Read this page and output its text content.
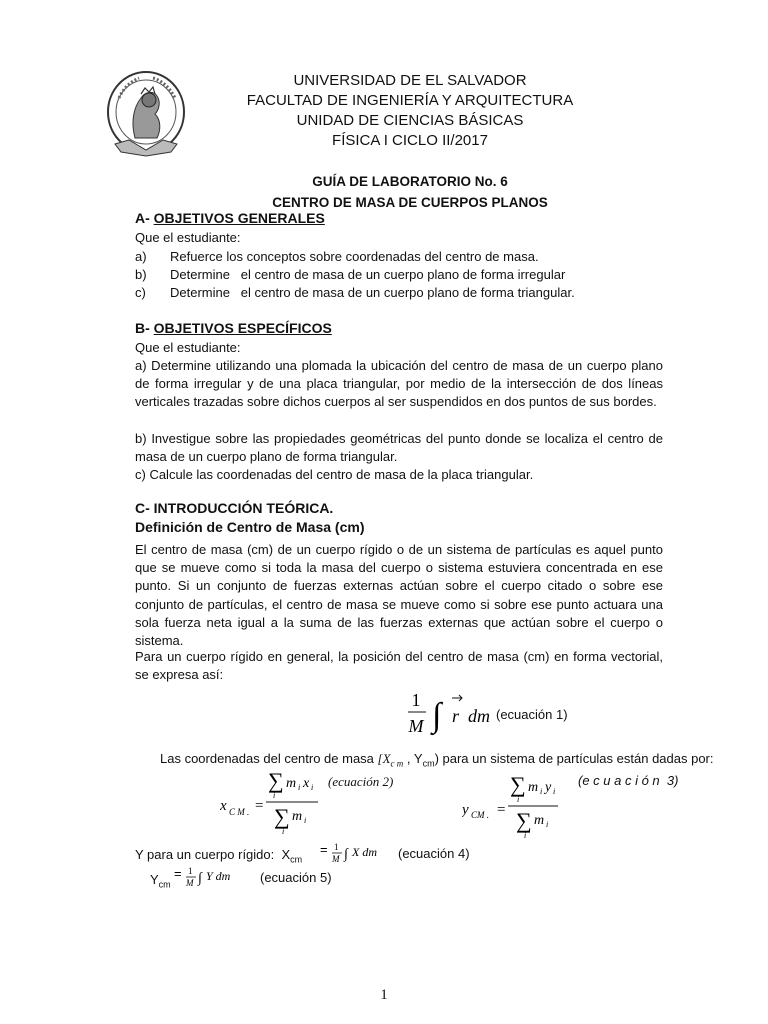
UNIVERSIDAD DE EL SALVADOR
FACULTAD DE INGENIERÍA Y ARQUITECTURA
UNIDAD DE CIENCIAS BÁSICAS
FÍSICA I CICLO II/2017
GUÍA DE LABORATORIO No. 6
CENTRO DE MASA DE CUERPOS PLANOS
A- OBJETIVOS GENERALES
Que el estudiante:
a) Refuerce los conceptos sobre coordenadas del centro de masa.
b) Determine   el centro de masa de un cuerpo plano de forma irregular
c) Determine   el centro de masa de un cuerpo plano de forma triangular.
B- OBJETIVOS ESPECÍFICOS
Que el estudiante:
a) Determine utilizando una plomada la ubicación del centro de masa de un cuerpo plano de forma irregular y de una placa triangular, por medio de la intersección de dos líneas verticales trazadas sobre dichos cuerpos al ser suspendidos en dos puntos de sus bordes.
b) Investigue sobre las propiedades geométricas del punto donde se localiza el centro de masa de un cuerpo plano de forma triangular.
c) Calcule las coordenadas del centro de masa de la placa triangular.
C- INTRODUCCIÓN TEÓRICA.
Definición de Centro de Masa (cm)
El centro de masa (cm) de un cuerpo rígido o de un sistema de partículas es aquel punto que se mueve como si toda la masa del cuerpo o sistema estuviera concentrada en ese punto. Si un conjunto de fuerzas externas actúan sobre el cuerpo citado o sobre ese conjunto de partículas, el centro de masa se mueve como si sobre ese punto actuara una sola fuerza neta igual a la suma de las fuerzas externas que actúan sobre el cuerpo o sistema.
Para un cuerpo rígido en general, la posición del centro de masa (cm) en forma vectorial, se expresa así:
1
M ∫ r dm (ecuación 1)
Las coordenadas del centro de masa [$X_{c m}$ , $Y_{cm}$) para un sistema de partículas están dadas por:
x C M . =
∑
i
m i x i
∑
i
m i
(ecuación 2)
y CM . =
∑
i
m i y i
∑
i
m i
(e c u a c i ó n  3)
Y para un cuerpo rígido:  $X_{cm}$
= 1
M ∫ X dm (ecuación 4)
$Y_{cm}$
= 1
M ∫ Y dm (ecuación 5)
1
